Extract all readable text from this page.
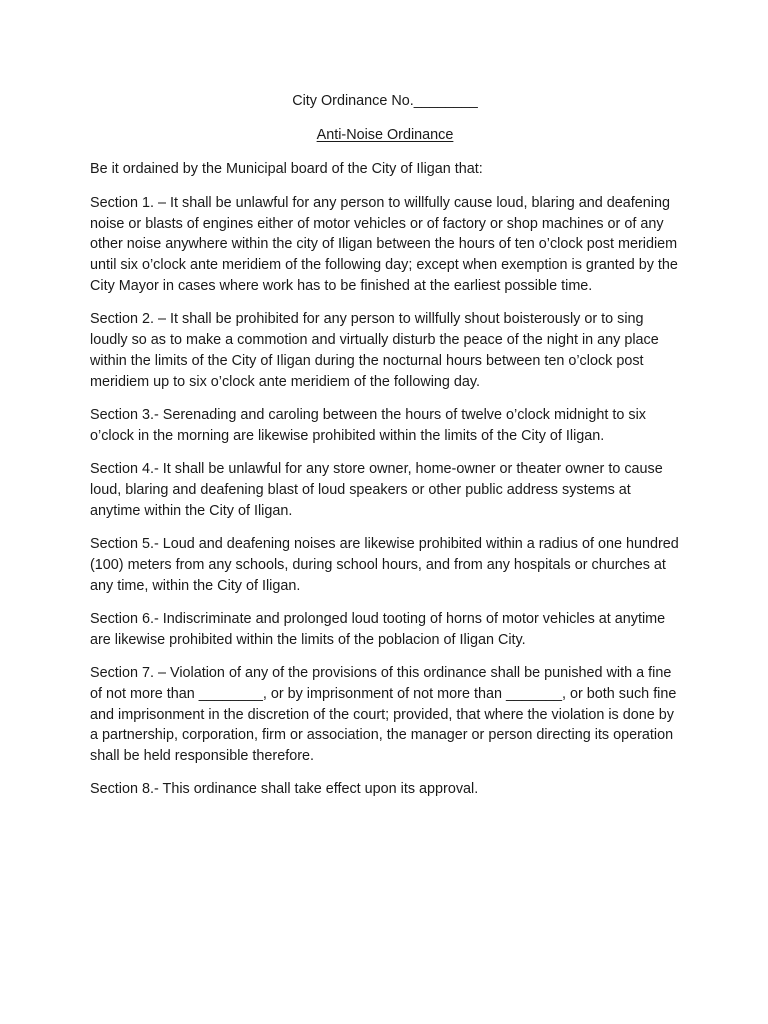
City Ordinance No.________
Anti-Noise Ordinance

Be it ordained by the Municipal board of the City of Iligan that:

Section 1. – It shall be unlawful for any person to willfully cause loud, blaring and deafening noise or blasts of engines either of motor vehicles or of factory or shop machines or of any other noise anywhere within the city of Iligan between the hours of ten o’clock post meridiem until six o’clock ante meridiem of the following day; except when exemption is granted by the City Mayor in cases where work has to be finished at the earliest possible time.

Section 2. – It shall be prohibited for any person to willfully shout boisterously or to sing loudly so as to make a commotion and virtually disturb the peace of the night in any place within the limits of the City of Iligan during the nocturnal hours between ten o’clock post meridiem up to six o’clock ante meridiem of the following day.

Section 3.- Serenading and caroling between the hours of twelve o’clock midnight to six o’clock in the morning are likewise prohibited within the limits of the City of Iligan.

Section 4.- It shall be unlawful for any store owner, home-owner or theater owner to cause loud, blaring and deafening blast of loud speakers or other public address systems at anytime within the City of Iligan.

Section 5.- Loud and deafening noises are likewise prohibited within a radius of one hundred (100) meters from any schools, during school hours, and from any hospitals or churches at any time, within the City of Iligan.

Section 6.- Indiscriminate and prolonged loud tooting of horns of motor vehicles at anytime are likewise prohibited within the limits of the poblacion of Iligan City.

Section 7. – Violation of any of the provisions of this ordinance shall be punished with a fine of not more than ________, or by imprisonment of not more than _______, or both such fine and imprisonment in the discretion of the court; provided, that where the violation is done by a partnership, corporation, firm or association, the manager or person directing its operation shall be held responsible therefore.

Section 8.- This ordinance shall take effect upon its approval.
